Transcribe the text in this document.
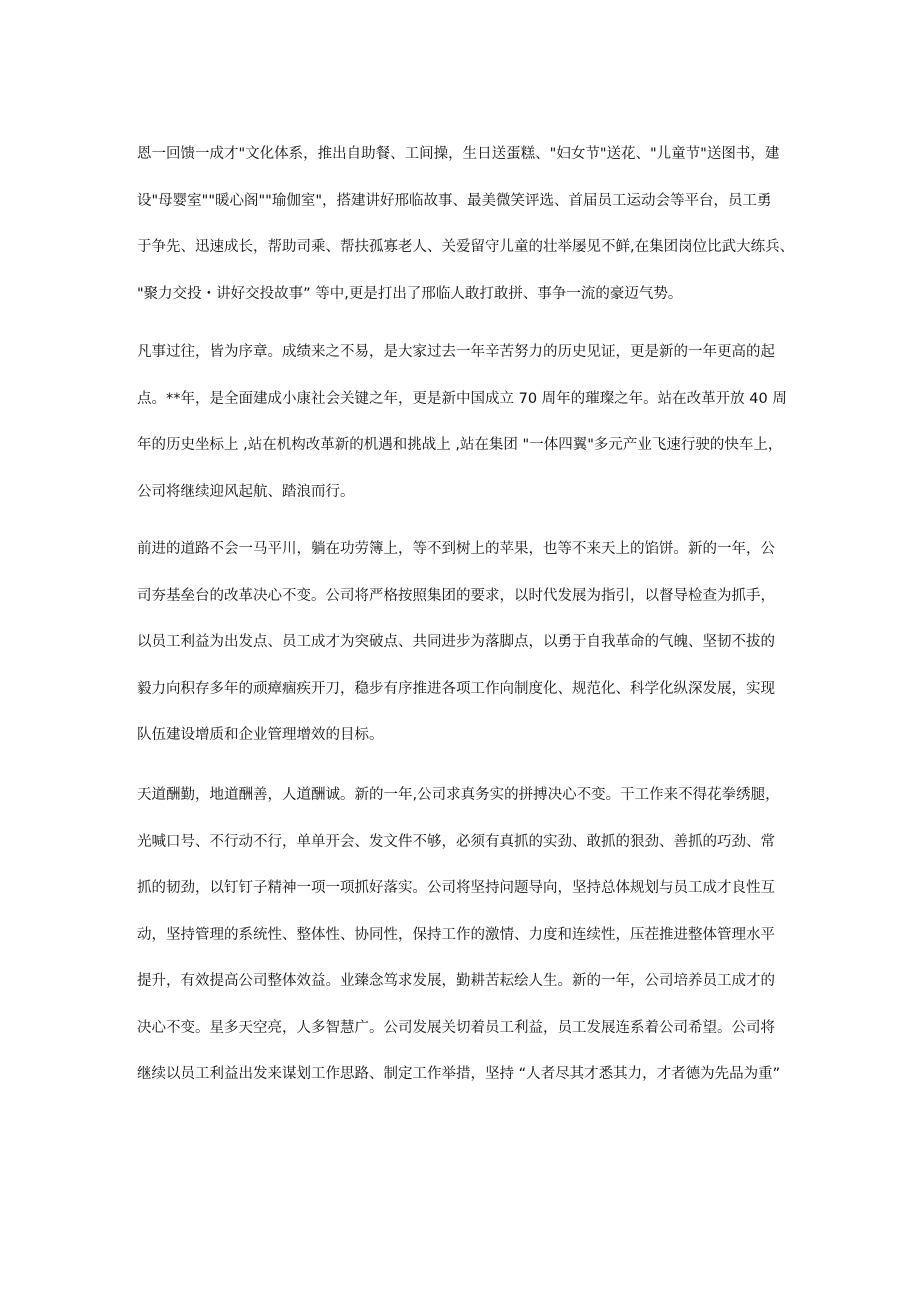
恩一回馈一成才"文化体系，推出自助餐、工间操，生日送蛋糕、"妇女节"送花、"儿童节"送图书，建
设"母婴室""暖心阁""瑜伽室"，搭建讲好邢临故事、最美微笑评选、首届员工运动会等平台，员工勇
于争先、迅速成长，帮助司乘、帮扶孤寡老人、关爱留守儿童的壮举屡见不鲜,在集团岗位比武大练兵、
"聚力交投・讲好交投故事” 等中,更是打出了邢临人敢打敢拼、事争一流的豪迈气势。
凡事过往，皆为序章。成绩来之不易，是大家过去一年辛苦努力的历史见证，更是新的一年更高的起
点。**年，是全面建成小康社会关键之年，更是新中国成立 70 周年的璀璨之年。站在改革开放 40 周
年的历史坐标上 ,站在机构改革新的机遇和挑战上 ,站在集团 "一体四翼"多元产业飞速行驶的快车上，
公司将继续迎风起航、踏浪而行。
前进的道路不会一马平川，躺在功劳簿上，等不到树上的苹果，也等不来天上的馅饼。新的一年，公
司夯基垒台的改革决心不变。公司将严格按照集团的要求，以时代发展为指引，以督导检查为抓手，
以员工利益为出发点、员工成才为突破点、共同进步为落脚点，以勇于自我革命的气魄、坚韧不拔的
毅力向积存多年的顽瘴痼疾开刀，稳步有序推进各项工作向制度化、规范化、科学化纵深发展，实现
队伍建设增质和企业管理增效的目标。
天道酬勤，地道酬善，人道酬诚。新的一年,公司求真务实的拼搏决心不变。干工作来不得花拳绣腿，
光喊口号、不行动不行，单单开会、发文件不够，必须有真抓的实劲、敢抓的狠劲、善抓的巧劲、常
抓的韧劲，以钉钉子精神一项一项抓好落实。公司将坚持问题导向，坚持总体规划与员工成才良性互
动，坚持管理的系统性、整体性、协同性，保持工作的激情、力度和连续性，压茬推进整体管理水平
提升，有效提高公司整体效益。业臻念笃求发展，勤耕苦耘绘人生。新的一年，公司培养员工成才的
决心不变。星多天空亮，人多智慧广。公司发展关切着员工利益，员工发展连系着公司希望。公司将
继续以员工利益出发来谋划工作思路、制定工作举措，坚持 “人者尽其才悉其力，才者德为先品为重”
